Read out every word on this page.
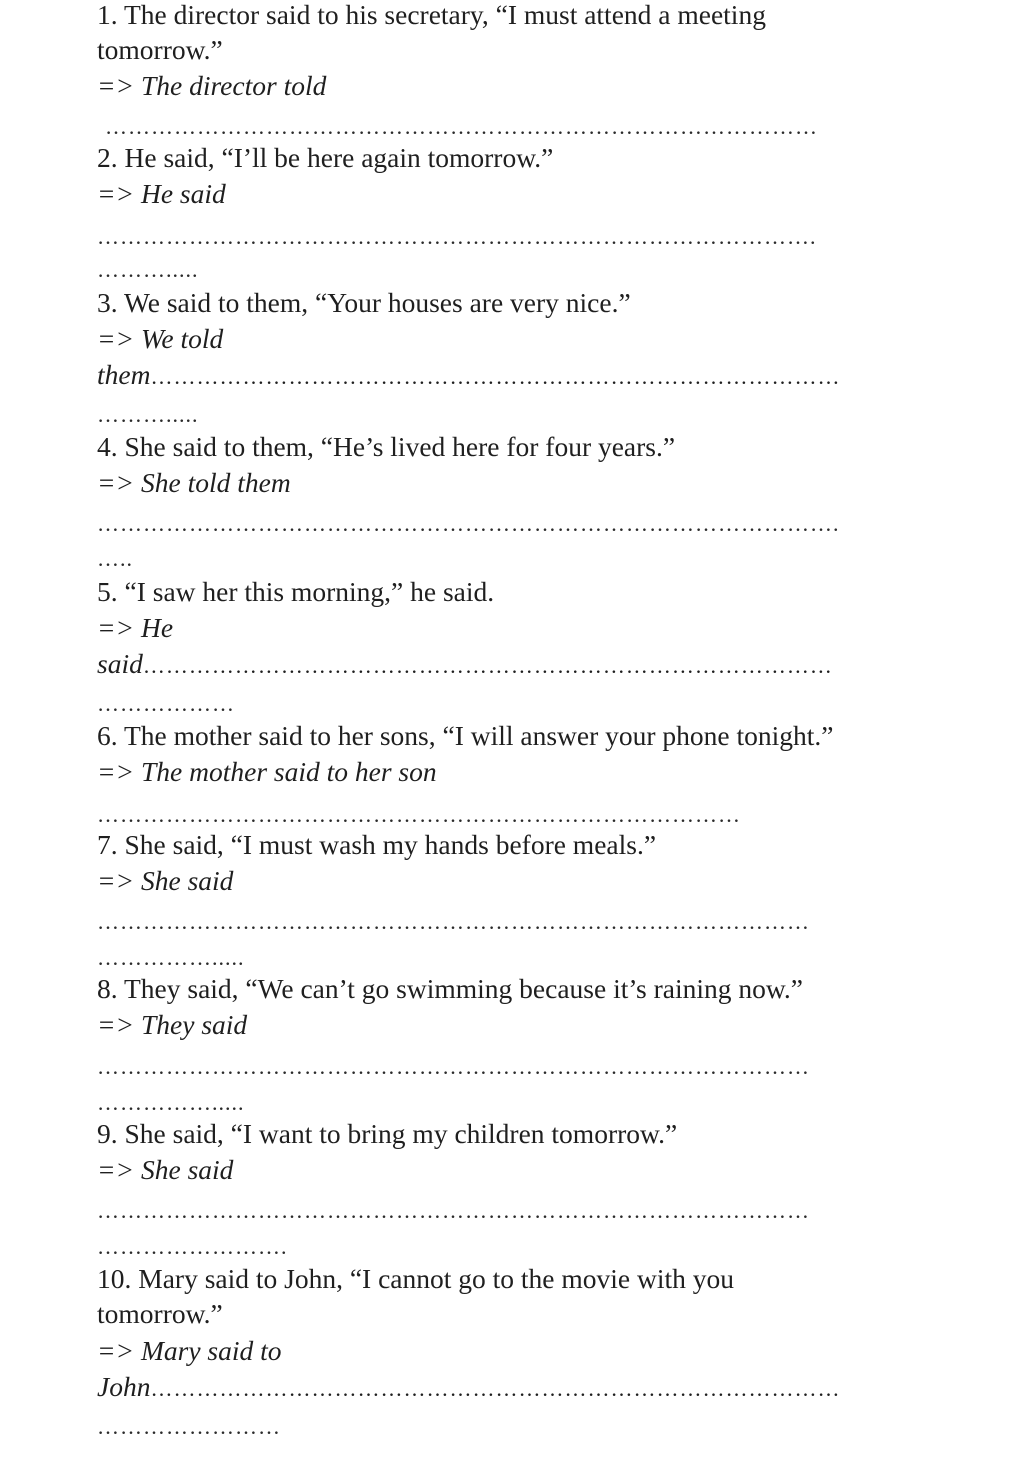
1. The director said to his secretary, “I must attend a meeting
tomorrow.”
=> The director told
…………………………………………………………………………………
2. He said, “I’ll be here again tomorrow.”
=> He said
………………………………………………………………………………….
……….....
3. We said to them, “Your houses are very nice.”
=> We told
them………………………………………………………………………………
……….....
4. She said to them, “He’s lived here for four years.”
=> She told them
…………………………………………………………………………………….
…..
5. “I saw her this morning,” he said.
=> He
said………………………………………………………………………………
………………
6. The mother said to her sons, “I will answer your phone tonight.”
=> The mother said to her son
…………………………………………………………………………
7. She said, “I must wash my hands before meals.”
=> She said
…………………………………………………………………………………
…………….....
8. They said, “We can’t go swimming because it’s raining now.”
=> They said
…………………………………………………………………………………
…………….....
9. She said, “I want to bring my children tomorrow.”
=> She said
…………………………………………………………………………………
…………………….
10. Mary said to John, “I cannot go to the movie with you
tomorrow.”
=> Mary said to
John………………………………………………………………………………
……………………
